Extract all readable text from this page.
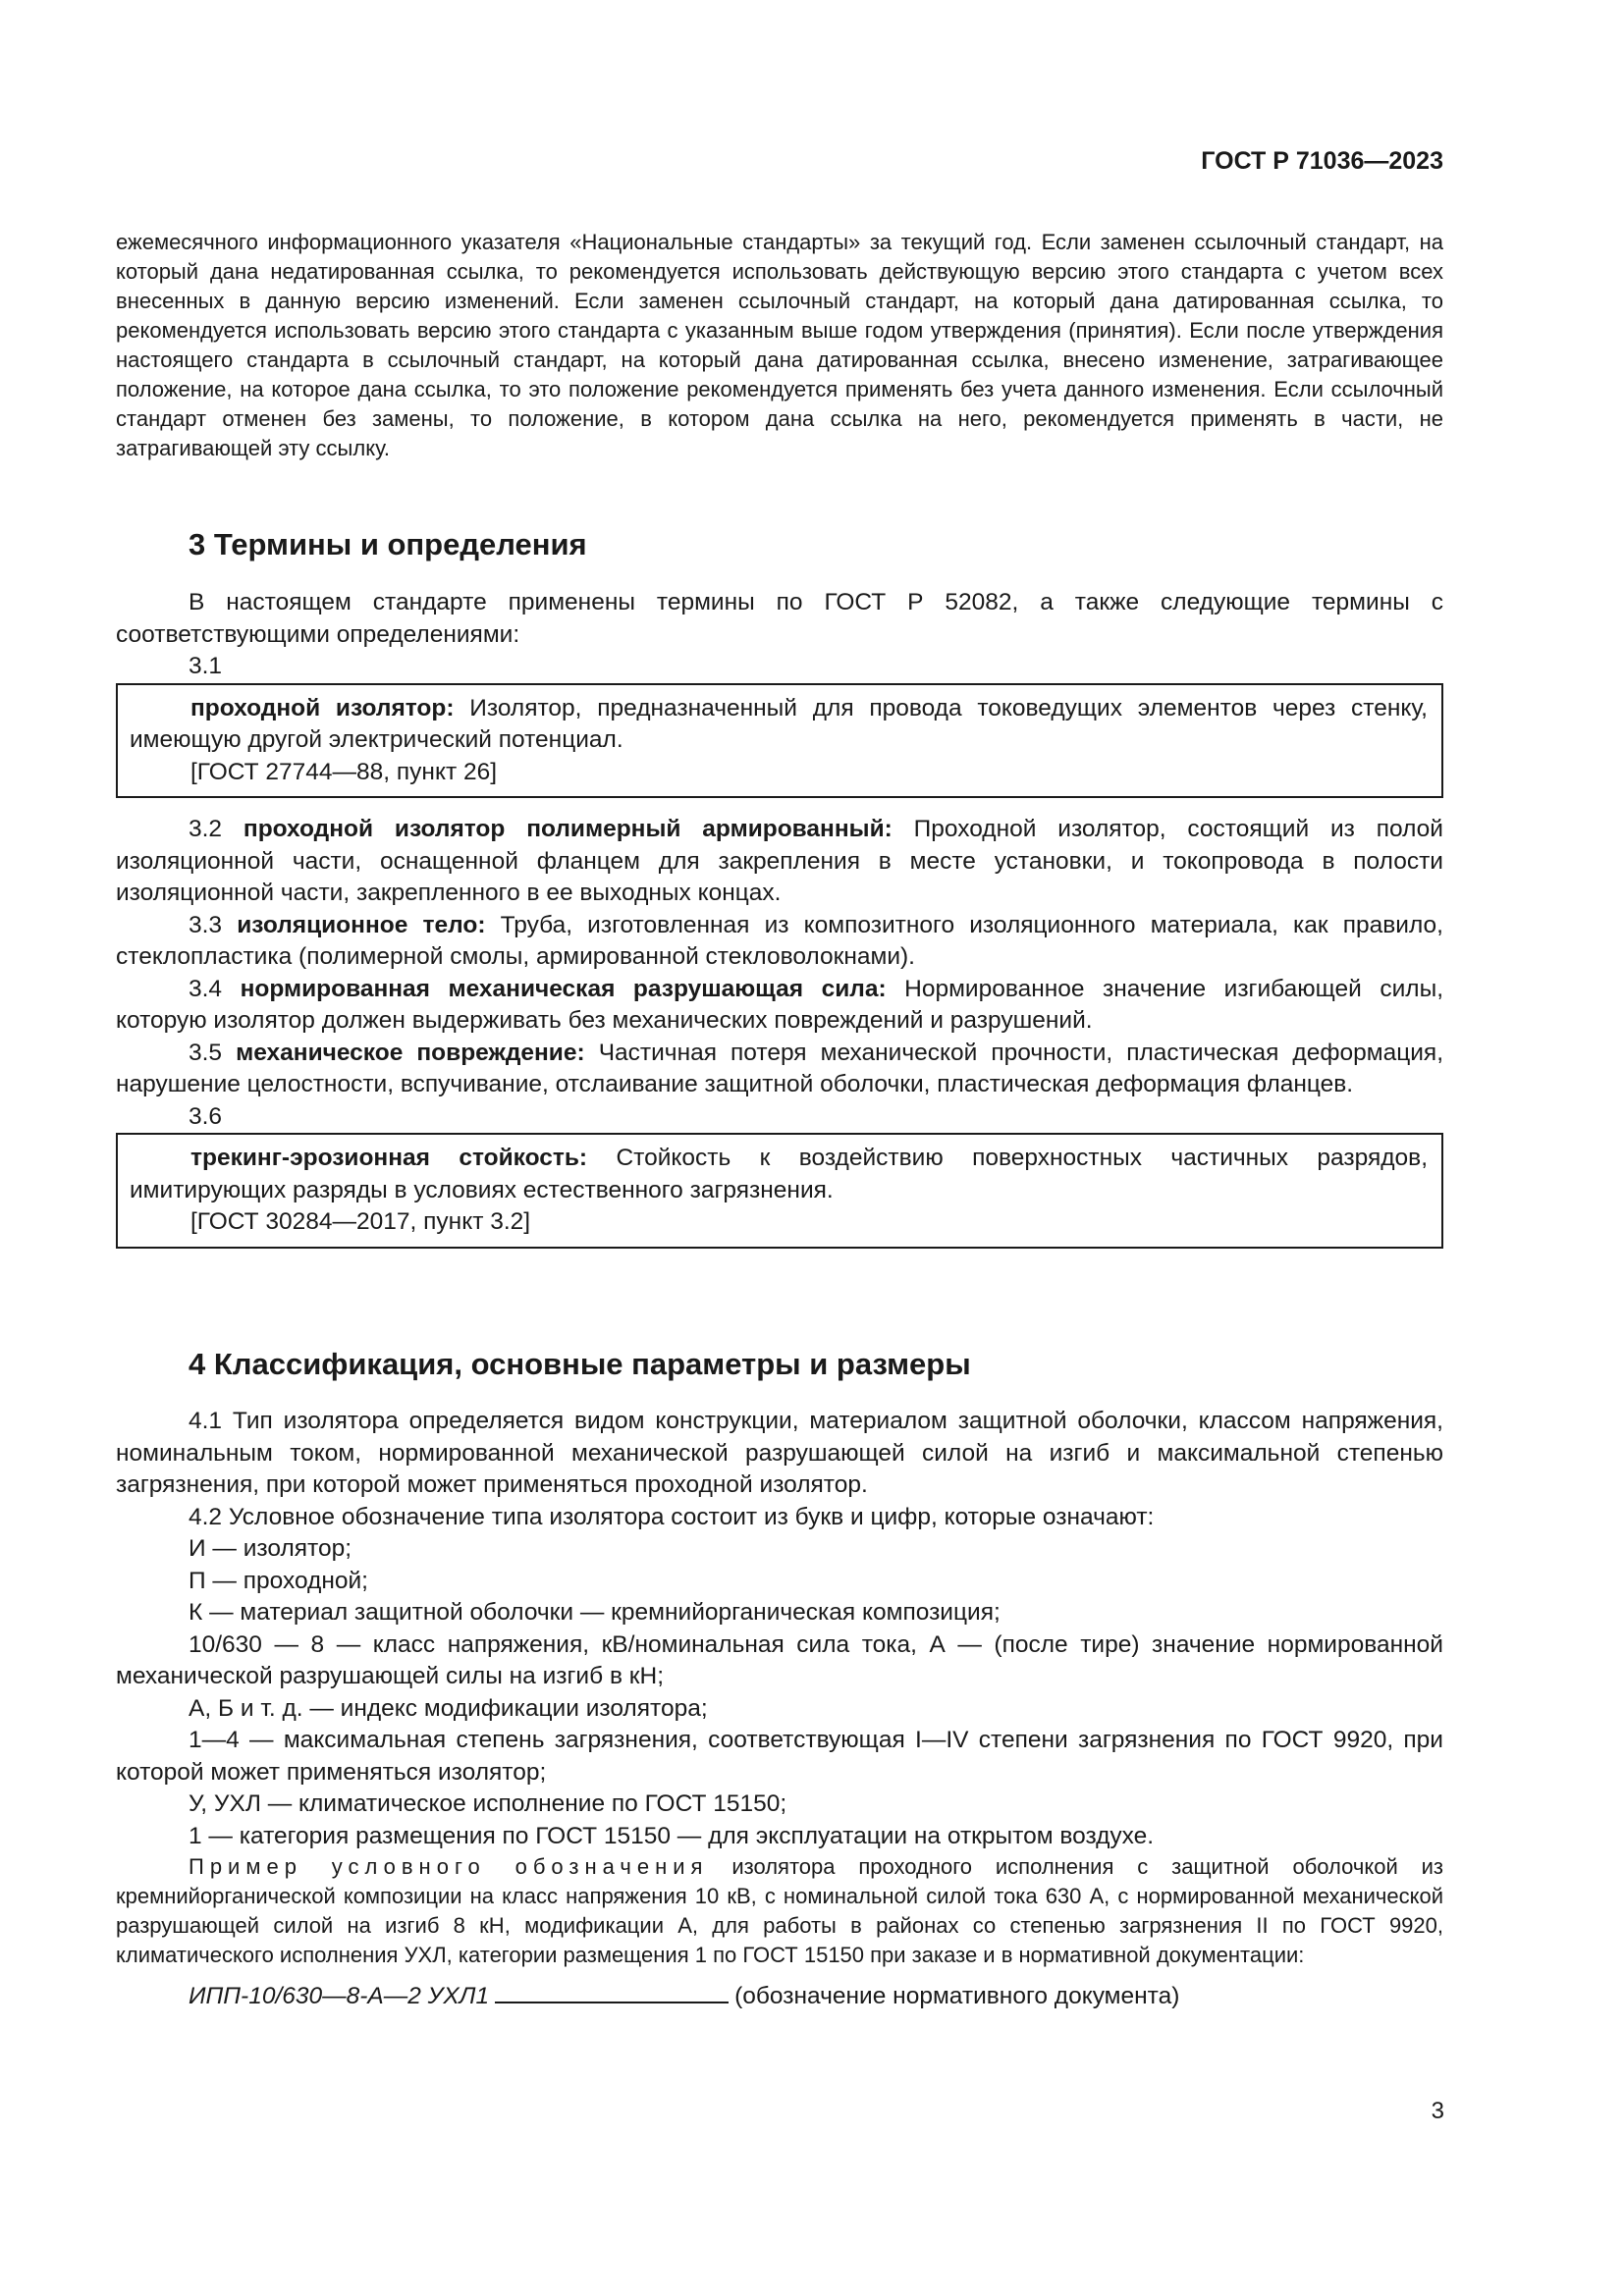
ГОСТ Р 71036—2023

ежемесячного информационного указателя «Национальные стандарты» за текущий год. Если заменен ссылочный стандарт, на который дана недатированная ссылка, то рекомендуется использовать действующую версию этого стандарта с учетом всех внесенных в данную версию изменений. Если заменен ссылочный стандарт, на который дана датированная ссылка, то рекомендуется использовать версию этого стандарта с указанным выше годом утверждения (принятия). Если после утверждения настоящего стандарта в ссылочный стандарт, на который дана датированная ссылка, внесено изменение, затрагивающее положение, на которое дана ссылка, то это положение рекомендуется применять без учета данного изменения. Если ссылочный стандарт отменен без замены, то положение, в котором дана ссылка на него, рекомендуется применять в части, не затрагивающей эту ссылку.

3 Термины и определения

В настоящем стандарте применены термины по ГОСТ Р 52082, а также следующие термины с соответствующими определениями:

3.1

проходной изолятор: Изолятор, предназначенный для провода токоведущих элементов через стенку, имеющую другой электрический потенциал.

[ГОСТ 27744—88, пункт 26]

3.2 проходной изолятор полимерный армированный: Проходной изолятор, состоящий из полой изоляционной части, оснащенной фланцем для закрепления в месте установки, и токопровода в полости изоляционной части, закрепленного в ее выходных концах.

3.3 изоляционное тело: Труба, изготовленная из композитного изоляционного материала, как правило, стеклопластика (полимерной смолы, армированной стекловолокнами).

3.4 нормированная механическая разрушающая сила: Нормированное значение изгибающей силы, которую изолятор должен выдерживать без механических повреждений и разрушений.

3.5 механическое повреждение: Частичная потеря механической прочности, пластическая деформация, нарушение целостности, вспучивание, отслаивание защитной оболочки, пластическая деформация фланцев.

3.6

трекинг-эрозионная стойкость: Стойкость к воздействию поверхностных частичных разрядов, имитирующих разряды в условиях естественного загрязнения.

[ГОСТ 30284—2017, пункт 3.2]

4 Классификация, основные параметры и размеры

4.1 Тип изолятора определяется видом конструкции, материалом защитной оболочки, классом напряжения, номинальным током, нормированной механической разрушающей силой на изгиб и максимальной степенью загрязнения, при которой может применяться проходной изолятор.

4.2 Условное обозначение типа изолятора состоит из букв и цифр, которые означают:

И — изолятор;

П — проходной;

К — материал защитной оболочки — кремнийорганическая композиция;

10/630 — 8 — класс напряжения, кВ/номинальная сила тока, А — (после тире) значение нормированной механической разрушающей силы на изгиб в кН;

А, Б и т. д. — индекс модификации изолятора;

1—4 — максимальная степень загрязнения, соответствующая I—IV степени загрязнения по ГОСТ 9920, при которой может применяться изолятор;

У, УХЛ — климатическое исполнение по ГОСТ 15150;

1 — категория размещения по ГОСТ 15150 — для эксплуатации на открытом воздухе.

Пример условного обозначения изолятора проходного исполнения с защитной оболочкой из кремнийорганической композиции на класс напряжения 10 кВ, с номинальной силой тока 630 А, с нормированной механической разрушающей силой на изгиб 8 кН, модификации А, для работы в районах со степенью загрязнения II по ГОСТ 9920, климатического исполнения УХЛ, категории размещения 1 по ГОСТ 15150 при заказе и в нормативной документации:

ИПП-10/630—8-А—2 УХЛ1	(обозначение нормативного документа)

3
